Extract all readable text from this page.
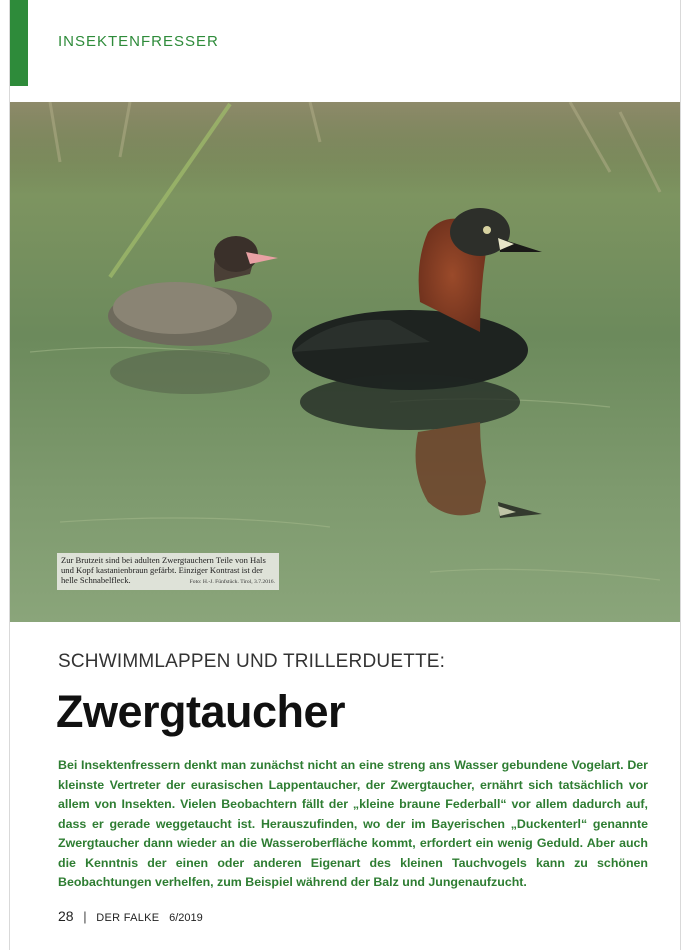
INSEKTENFRESSER
Zur Brutzeit sind bei adulten Zwergtauchern Teile von Hals und Kopf kastanienbraun gefärbt. Einziger Kontrast ist der helle Schnabelfleck.	Foto: H.-J. Fünfstück. Tirol, 3.7.2016.
SCHWIMMLAPPEN UND TRILLERDUETTE:
Zwergtaucher
Bei Insektenfressern denkt man zunächst nicht an eine streng ans Wasser gebundene Vogelart. Der kleinste Vertreter der eurasischen Lappentaucher, der Zwergtaucher, ernährt sich tatsächlich vor allem von Insekten. Vielen Beobachtern fällt der „kleine braune Federball“ vor allem dadurch auf, dass er gerade weggetaucht ist. Herauszufinden, wo der im Bayerischen „Duckenterl“ genannte Zwergtaucher dann wieder an die Wasseroberfläche kommt, erfordert ein wenig Geduld. Aber auch die Kenntnis der einen oder anderen Eigenart des kleinen Tauchvogels kann zu schönen Beobachtungen verhelfen, zum Beispiel während der Balz und Jungenaufzucht.
28 | DER FALKE 6/2019
